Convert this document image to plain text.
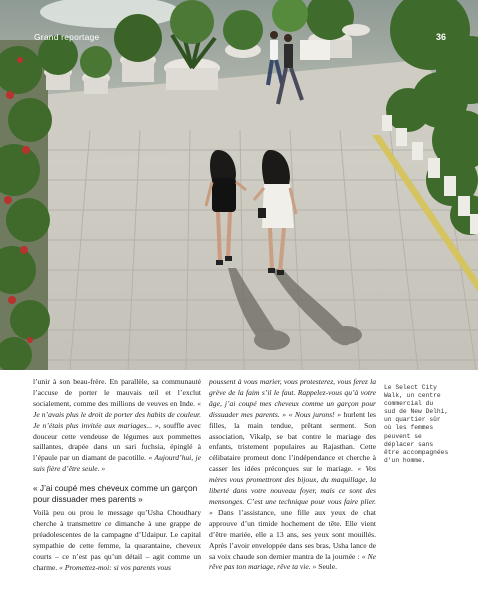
Grand reportage	36

l’unir à son beau-frère. En parallèle, sa communauté l’accuse de porter le mauvais œil et l’exclut socialement, comme des millions de veuves en Inde. « Je n’avais plus le droit de porter des habits de couleur. Je n’étais plus invitée aux mariages... », souffle avec douceur cette vendeuse de légumes aux pommettes saillantes, drapée dans un sari fuchsia, épinglé à l’épaule par un diamant de pacotille. « Aujourd’hui, je suis fière d’être seule. »

« J’ai coupé mes cheveux comme un garçon pour dissuader mes parents »

Voilà peu ou prou le message qu’Usha Choudhary cherche à transmettre ce dimanche à une grappe de préadolescentes de la campagne d’Udaipur. Le capital sympathie de cette femme, la quarantaine, cheveux courts – ce n’est pas qu’un détail – agit comme un charme. « Promettez-moi: si vos parents vous

poussent à vous marier, vous protesterez, vous ferez la grève de la faim s’il le faut. Rappelez-vous qu’à votre âge, j’ai coupé mes cheveux comme un garçon pour dissuader mes parents. » « Nous jurons! » hurlent les filles, la main tendue, prêtant serment. Son association, Vikalp, se bat contre le mariage des enfants, tristement populaires au Rajasthan. Cette célibataire promeut donc l’indépendance et cherche à casser les idées préconçues sur le mariage. « Vos mères vous promettront des bijoux, du maquillage, la liberté dans votre nouveau foyer, mais ce sont des mensonges. C’est une technique pour vous faire plier. » Dans l’assistance, une fille aux yeux de chat approuve d’un timide hochement de tête. Elle vient d’être mariée, elle a 13 ans, ses yeux sont mouillés. Après l’avoir enveloppée dans ses bras, Usha lance de sa voix chaude son dernier mantra de la journée : « Ne rêve pas ton mariage, rêve ta vie. » Seule.

Le Select City
Walk, un centre
commercial du
sud de New Delhi,
un quartier sûr
où les femmes
peuvent se
déplacer sans
être accompagnées
d'un homme.
